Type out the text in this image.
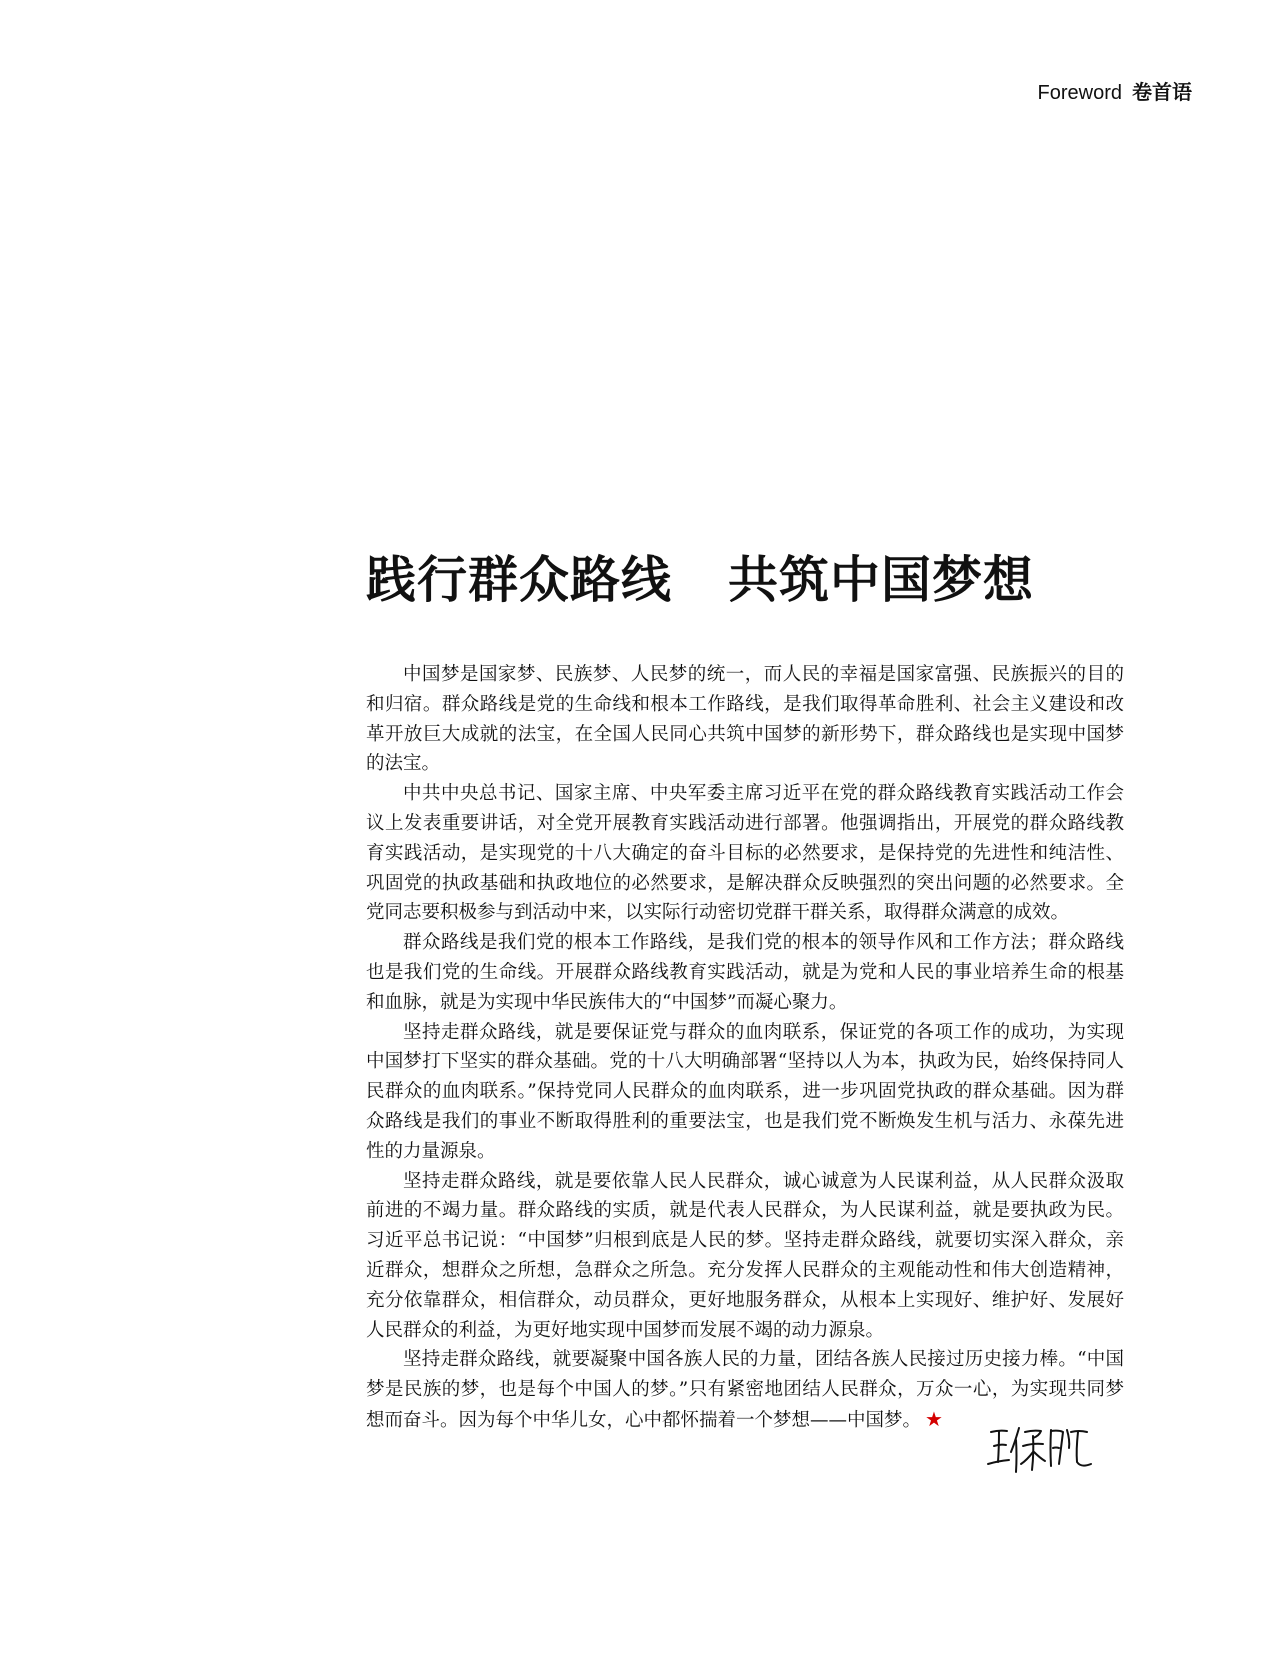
Foreword 卷首语
践行群众路线 共筑中国梦想

中国梦是国家梦、民族梦、人民梦的统一，而人民的幸福是国家富强、民族振兴的目的和归宿。群众路线是党的生命线和根本工作路线，是我们取得革命胜利、社会主义建设和改革开放巨大成就的法宝，在全国人民同心共筑中国梦的新形势下，群众路线也是实现中国梦的法宝。

中共中央总书记、国家主席、中央军委主席习近平在党的群众路线教育实践活动工作会议上发表重要讲话，对全党开展教育实践活动进行部署。他强调指出，开展党的群众路线教育实践活动，是实现党的十八大确定的奋斗目标的必然要求，是保持党的先进性和纯洁性、巩固党的执政基础和执政地位的必然要求，是解决群众反映强烈的突出问题的必然要求。全党同志要积极参与到活动中来，以实际行动密切党群干群关系，取得群众满意的成效。

群众路线是我们党的根本工作路线，是我们党的根本的领导作风和工作方法；群众路线也是我们党的生命线。开展群众路线教育实践活动，就是为党和人民的事业培养生命的根基和血脉，就是为实现中华民族伟大的“中国梦”而凝心聚力。

坚持走群众路线，就是要保证党与群众的血肉联系，保证党的各项工作的成功，为实现中国梦打下坚实的群众基础。党的十八大明确部署“坚持以人为本，执政为民，始终保持同人民群众的血肉联系。”保持党同人民群众的血肉联系，进一步巩固党执政的群众基础。因为群众路线是我们的事业不断取得胜利的重要法宝，也是我们党不断焕发生机与活力、永葆先进性的力量源泉。

坚持走群众路线，就是要依靠人民人民群众，诚心诚意为人民谋利益，从人民群众汲取前进的不竭力量。群众路线的实质，就是代表人民群众，为人民谋利益，就是要执政为民。习近平总书记说：“中国梦”归根到底是人民的梦。坚持走群众路线，就要切实深入群众，亲近群众，想群众之所想，急群众之所急。充分发挥人民群众的主观能动性和伟大创造精神，充分依靠群众，相信群众，动员群众，更好地服务群众，从根本上实现好、维护好、发展好人民群众的利益，为更好地实现中国梦而发展不竭的动力源泉。

坚持走群众路线，就要凝聚中国各族人民的力量，团结各族人民接过历史接力棒。“中国梦是民族的梦，也是每个中国人的梦。”只有紧密地团结人民群众，万众一心，为实现共同梦想而奋斗。因为每个中华儿女，心中都怀揣着一个梦想——中国梦。 ★
